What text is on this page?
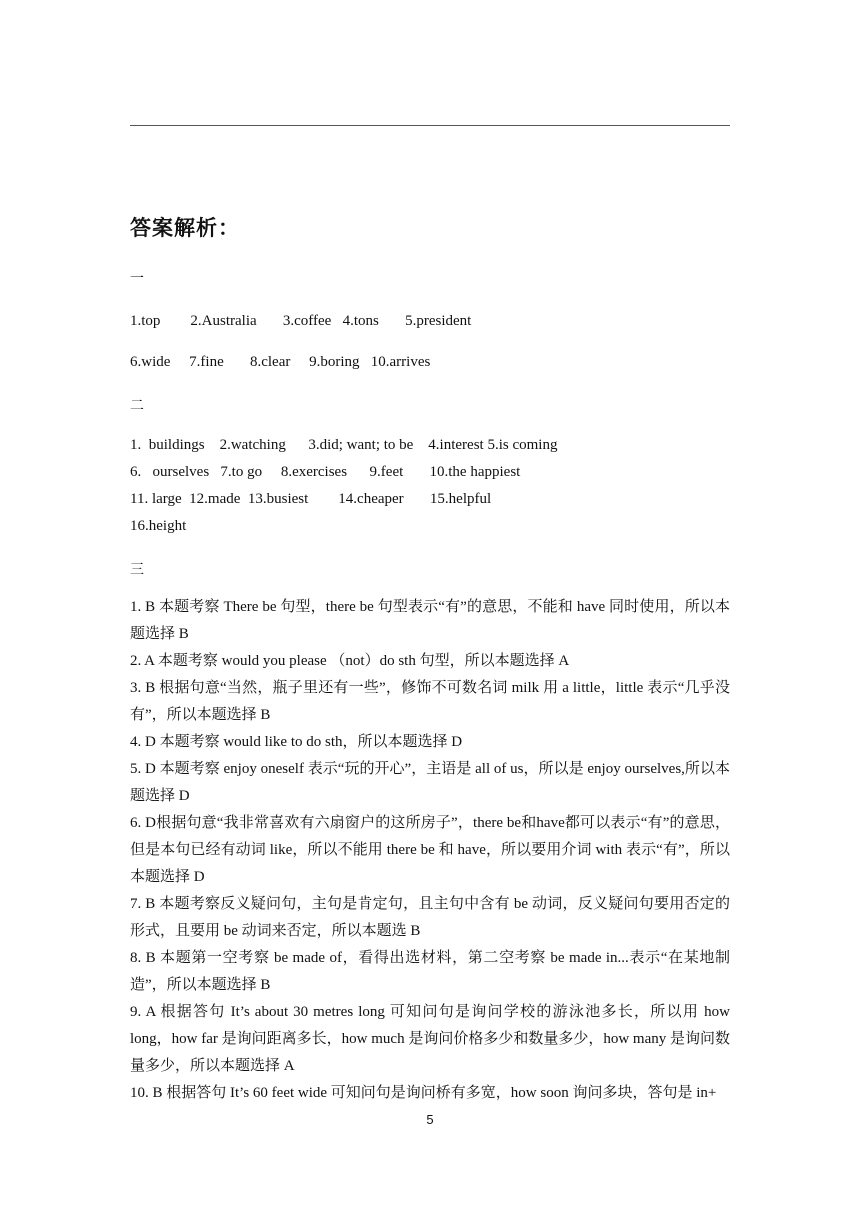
答案解析：
一
1.top        2.Australia       3.coffee   4.tons       5.president
6.wide     7.fine       8.clear     9.boring   10.arrives
二
1.  buildings    2.watching      3.did; want; to be    4.interest 5.is coming
6.   ourselves   7.to go     8.exercises      9.feet       10.the happiest
11. large  12.made  13.busiest        14.cheaper       15.helpful
16.height
三
1. B 本题考察 There be 句型，there be 句型表示“有”的意思，不能和 have 同时使用，所以本题选择 B
2. A 本题考察 would you please （not）do sth 句型，所以本题选择 A
3. B 根据句意“当然，瓶子里还有一些”，修饰不可数名词 milk 用 a little，little 表示“几乎没有”，所以本题选择 B
4. D 本题考察 would like to do sth，所以本题选择 D
5. D 本题考察 enjoy oneself 表示“玩的开心”，主语是 all of us，所以是 enjoy ourselves,所以本题选择 D
6. D根据句意“我非常喜欢有六扇窗户的这所房子”，there be和have都可以表示“有”的意思，但是本句已经有动词 like，所以不能用 there be 和 have，所以要用介词 with 表示“有”，所以本题选择 D
7. B 本题考察反义疑问句，主句是肯定句，且主句中含有 be 动词，反义疑问句要用否定的形式，且要用 be 动词来否定，所以本题选 B
8. B 本题第一空考察 be made of，看得出选材料，第二空考察 be made in...表示“在某地制造”，所以本题选择 B
9. A 根据答句 It’s about 30 metres long 可知问句是询问学校的游泳池多长，所以用 how long，how far 是询问距离多长，how much 是询问价格多少和数量多少，how many 是询问数量多少，所以本题选择 A
10. B 根据答句 It’s 60 feet wide 可知问句是询问桥有多宽，how soon 询问多块，答句是 in+
5
